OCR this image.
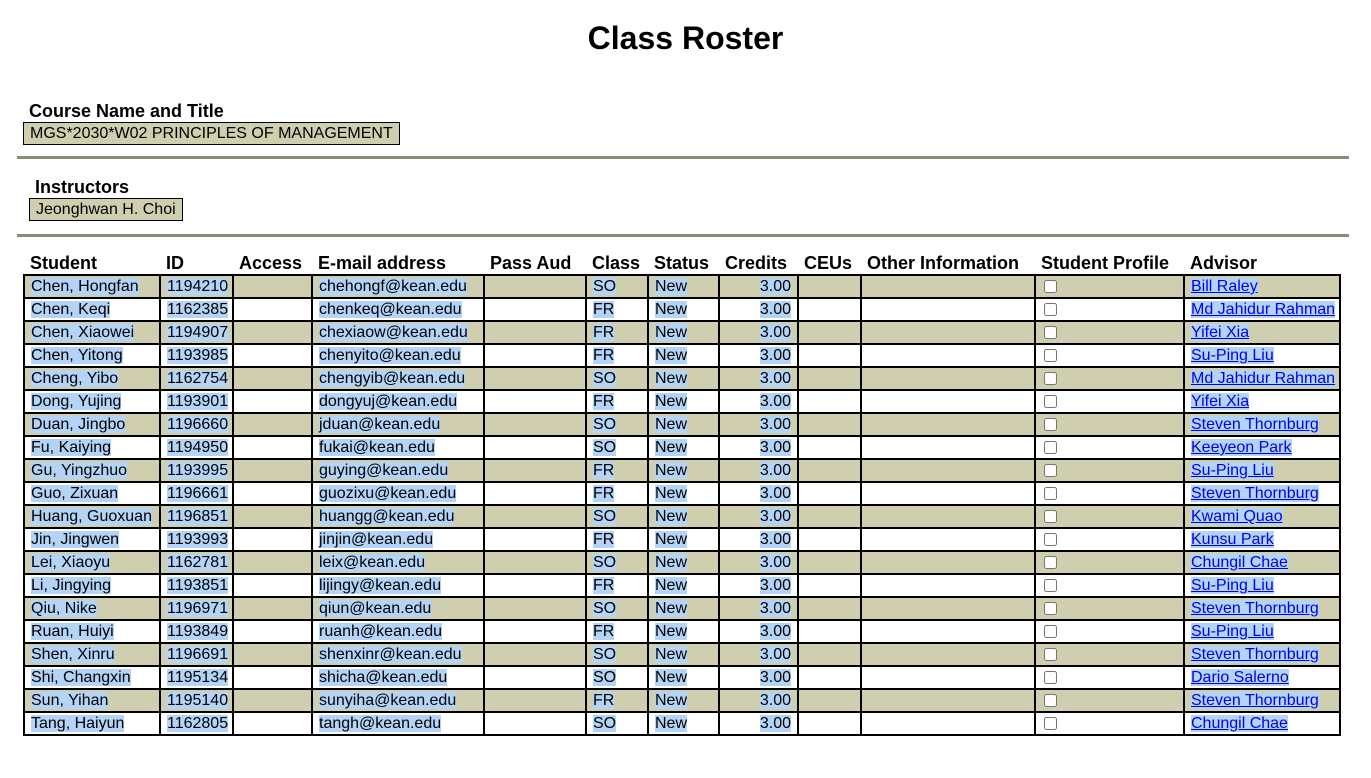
Class Roster
Course Name and Title
MGS*2030*W02 PRINCIPLES OF MANAGEMENT
Instructors
Jeonghwan H. Choi
Student	ID	Access	E-mail address	Pass Aud	Class	Status	Credits	CEUs	Other Information	Student Profile	Advisor
Chen, Hongfan	1194210		chehongf@kean.edu		SO	New	3.00				Bill Raley
Chen, Keqi	1162385		chenkeq@kean.edu		FR	New	3.00				Md Jahidur Rahman
Chen, Xiaowei	1194907		chexiaow@kean.edu		FR	New	3.00				Yifei Xia
Chen, Yitong	1193985		chenyito@kean.edu		FR	New	3.00				Su-Ping Liu
Cheng, Yibo	1162754		chengyib@kean.edu		SO	New	3.00				Md Jahidur Rahman
Dong, Yujing	1193901		dongyuj@kean.edu		FR	New	3.00				Yifei Xia
Duan, Jingbo	1196660		jduan@kean.edu		SO	New	3.00				Steven Thornburg
Fu, Kaiying	1194950		fukai@kean.edu		SO	New	3.00				Keeyeon Park
Gu, Yingzhuo	1193995		guying@kean.edu		FR	New	3.00				Su-Ping Liu
Guo, Zixuan	1196661		guozixu@kean.edu		FR	New	3.00				Steven Thornburg
Huang, Guoxuan	1196851		huangg@kean.edu		SO	New	3.00				Kwami Quao
Jin, Jingwen	1193993		jinjin@kean.edu		FR	New	3.00				Kunsu Park
Lei, Xiaoyu	1162781		leix@kean.edu		SO	New	3.00				Chungil Chae
Li, Jingying	1193851		lijingy@kean.edu		FR	New	3.00				Su-Ping Liu
Qiu, Nike	1196971		qiun@kean.edu		SO	New	3.00				Steven Thornburg
Ruan, Huiyi	1193849		ruanh@kean.edu		FR	New	3.00				Su-Ping Liu
Shen, Xinru	1196691		shenxinr@kean.edu		SO	New	3.00				Steven Thornburg
Shi, Changxin	1195134		shicha@kean.edu		SO	New	3.00				Dario Salerno
Sun, Yihan	1195140		sunyiha@kean.edu		FR	New	3.00				Steven Thornburg
Tang, Haiyun	1162805		tangh@kean.edu		SO	New	3.00				Chungil Chae
